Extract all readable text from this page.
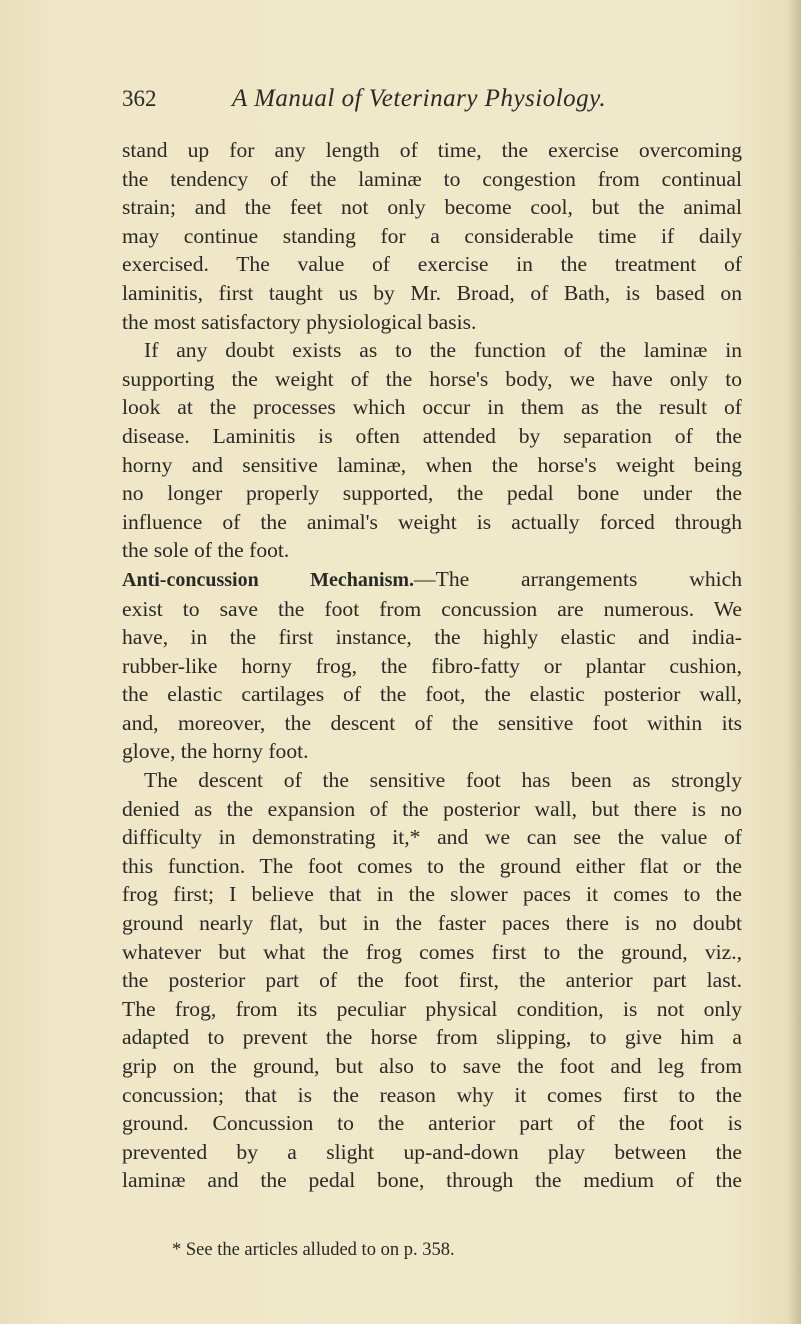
362	A Manual of Veterinary Physiology.
stand up for any length of time, the exercise overcoming
the tendency of the laminæ to congestion from continual
strain; and the feet not only become cool, but the animal
may continue standing for a considerable time if daily
exercised. The value of exercise in the treatment of
laminitis, first taught us by Mr. Broad, of Bath, is based on
the most satisfactory physiological basis.
If any doubt exists as to the function of the laminæ in
supporting the weight of the horse's body, we have only to
look at the processes which occur in them as the result of
disease. Laminitis is often attended by separation of the
horny and sensitive laminæ, when the horse's weight being
no longer properly supported, the pedal bone under the
influence of the animal's weight is actually forced through
the sole of the foot.
Anti-concussion Mechanism.—The arrangements which
exist to save the foot from concussion are numerous. We
have, in the first instance, the highly elastic and india-
rubber-like horny frog, the fibro-fatty or plantar cushion,
the elastic cartilages of the foot, the elastic posterior wall,
and, moreover, the descent of the sensitive foot within its
glove, the horny foot.
The descent of the sensitive foot has been as strongly
denied as the expansion of the posterior wall, but there is no
difficulty in demonstrating it,* and we can see the value of
this function. The foot comes to the ground either flat or the
frog first; I believe that in the slower paces it comes to the
ground nearly flat, but in the faster paces there is no doubt
whatever but what the frog comes first to the ground, viz.,
the posterior part of the foot first, the anterior part last.
The frog, from its peculiar physical condition, is not only
adapted to prevent the horse from slipping, to give him a
grip on the ground, but also to save the foot and leg from
concussion; that is the reason why it comes first to the
ground. Concussion to the anterior part of the foot is
prevented by a slight up-and-down play between the
laminæ and the pedal bone, through the medium of the
* See the articles alluded to on p. 358.
